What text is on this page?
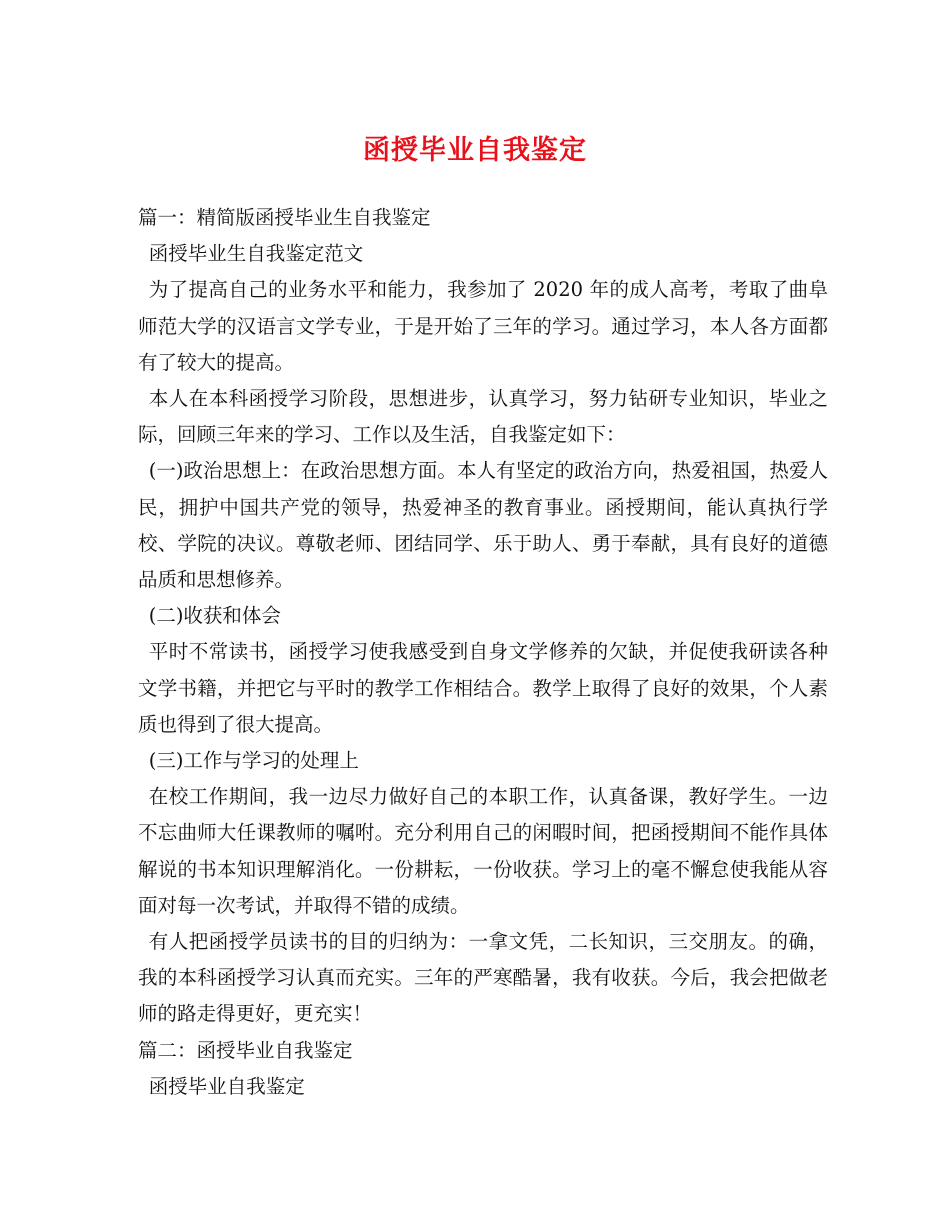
函授毕业自我鉴定

篇一：精简版函授毕业生自我鉴定

函授毕业生自我鉴定范文

为了提高自己的业务水平和能力，我参加了 2020 年的成人高考，考取了曲阜师范大学的汉语言文学专业，于是开始了三年的学习。通过学习，本人各方面都有了较大的提高。

本人在本科函授学习阶段，思想进步，认真学习，努力钻研专业知识，毕业之际，回顾三年来的学习、工作以及生活，自我鉴定如下：

(一)政治思想上：在政治思想方面。本人有坚定的政治方向，热爱祖国，热爱人民，拥护中国共产党的领导，热爱神圣的教育事业。函授期间，能认真执行学校、学院的决议。尊敬老师、团结同学、乐于助人、勇于奉献，具有良好的道德品质和思想修养。

(二)收获和体会

平时不常读书，函授学习使我感受到自身文学修养的欠缺，并促使我研读各种文学书籍，并把它与平时的教学工作相结合。教学上取得了良好的效果，个人素质也得到了很大提高。

(三)工作与学习的处理上

在校工作期间，我一边尽力做好自己的本职工作，认真备课，教好学生。一边不忘曲师大任课教师的嘱咐。充分利用自己的闲暇时间，把函授期间不能作具体解说的书本知识理解消化。一份耕耘，一份收获。学习上的毫不懈怠使我能从容面对每一次考试，并取得不错的成绩。

有人把函授学员读书的目的归纳为：一拿文凭，二长知识，三交朋友。的确，我的本科函授学习认真而充实。三年的严寒酷暑，我有收获。今后，我会把做老师的路走得更好，更充实！

篇二：函授毕业自我鉴定

函授毕业自我鉴定
